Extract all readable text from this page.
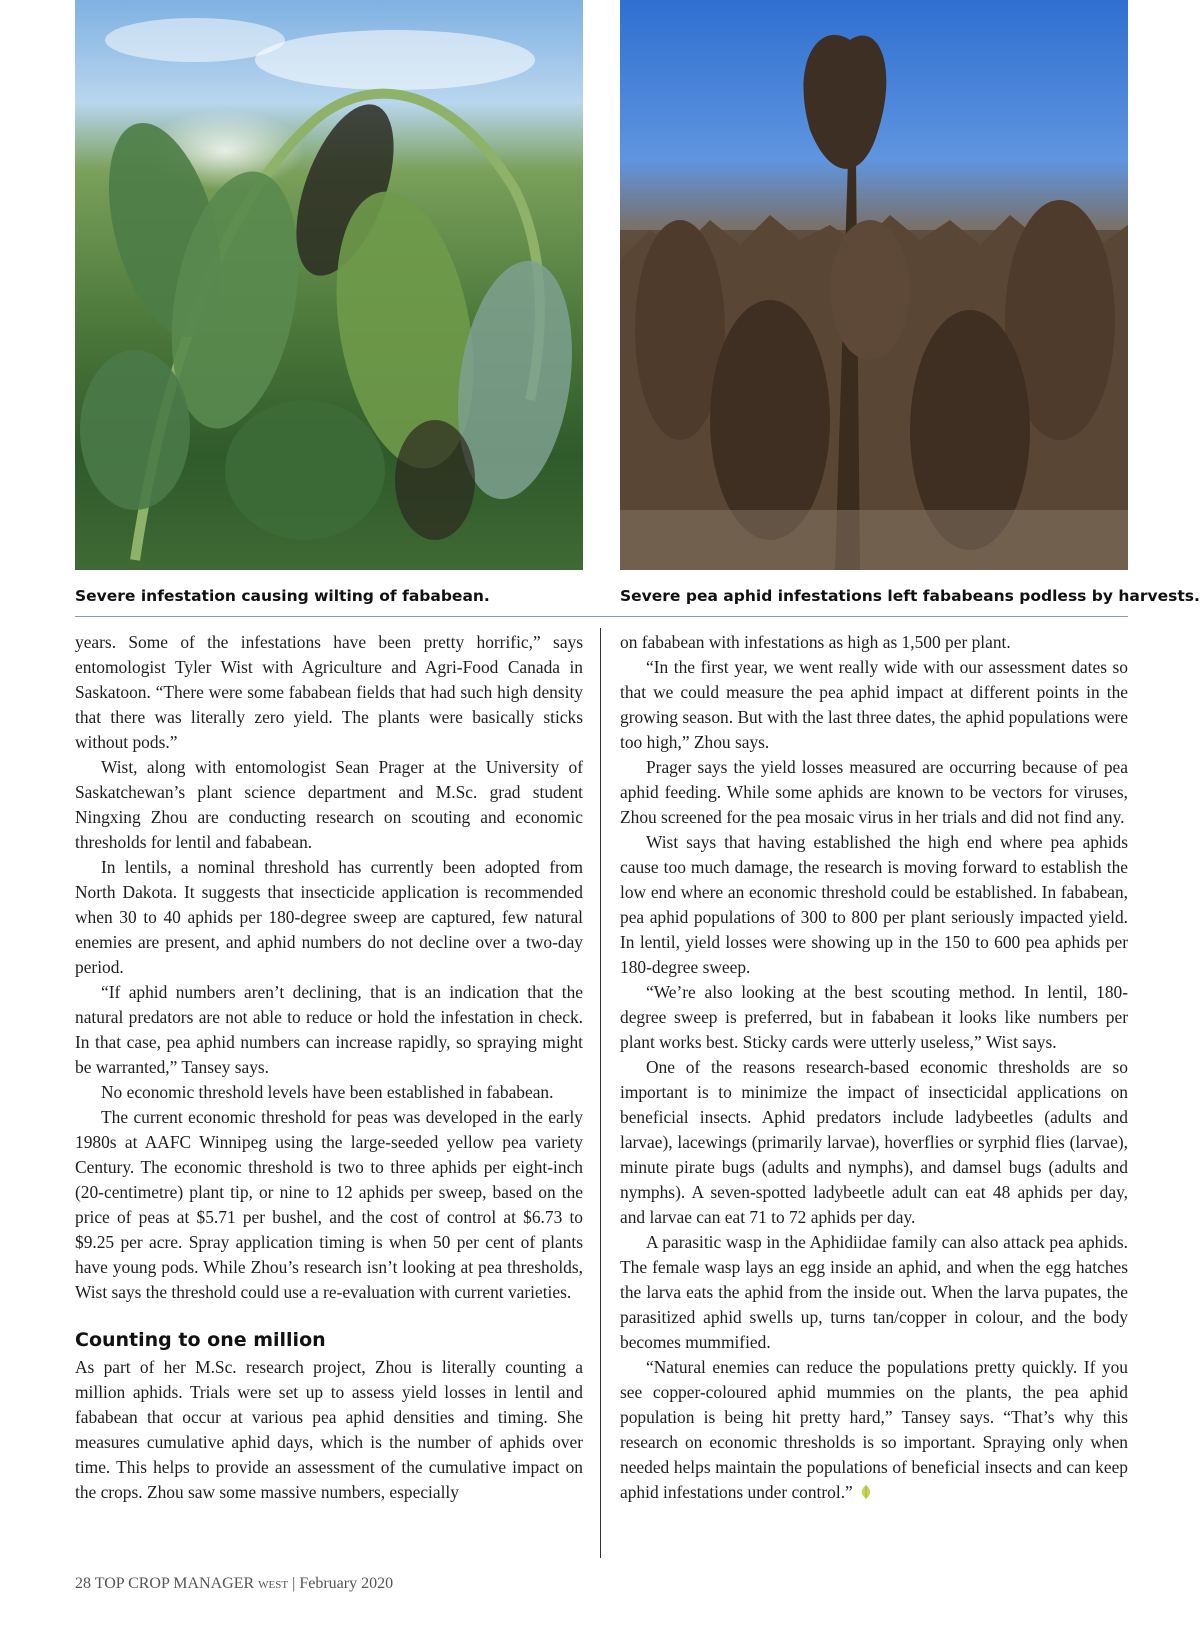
Severe infestation causing wilting of fababean.	Severe pea aphid infestations left fababeans podless by harvests.

years. Some of the infestations have been pretty horrific,” says entomologist Tyler Wist with Agriculture and Agri-Food Canada in Saskatoon. “There were some fababean fields that had such high density that there was literally zero yield. The plants were basically sticks without pods.”

Wist, along with entomologist Sean Prager at the University of Saskatchewan’s plant science department and M.Sc. grad student Ningxing Zhou are conducting research on scouting and economic thresholds for lentil and fababean.

In lentils, a nominal threshold has currently been adopted from North Dakota. It suggests that insecticide application is recommended when 30 to 40 aphids per 180-degree sweep are captured, few natural enemies are present, and aphid numbers do not decline over a two-day period.

“If aphid numbers aren’t declining, that is an indication that the natural predators are not able to reduce or hold the infestation in check. In that case, pea aphid numbers can increase rapidly, so spraying might be warranted,” Tansey says.

No economic threshold levels have been established in fababean.

The current economic threshold for peas was developed in the early 1980s at AAFC Winnipeg using the large-seeded yellow pea variety Century. The economic threshold is two to three aphids per eight-inch (20-centimetre) plant tip, or nine to 12 aphids per sweep, based on the price of peas at $5.71 per bushel, and the cost of control at $6.73 to $9.25 per acre. Spray application timing is when 50 per cent of plants have young pods. While Zhou’s research isn’t looking at pea thresholds, Wist says the threshold could use a re-evaluation with current varieties.

Counting to one million

As part of her M.Sc. research project, Zhou is literally counting a million aphids. Trials were set up to assess yield losses in lentil and fababean that occur at various pea aphid densities and timing. She measures cumulative aphid days, which is the number of aphids over time. This helps to provide an assessment of the cumulative impact on the crops. Zhou saw some massive numbers, especially

on fababean with infestations as high as 1,500 per plant.

“In the first year, we went really wide with our assessment dates so that we could measure the pea aphid impact at different points in the growing season. But with the last three dates, the aphid populations were too high,” Zhou says.

Prager says the yield losses measured are occurring because of pea aphid feeding. While some aphids are known to be vectors for viruses, Zhou screened for the pea mosaic virus in her trials and did not find any.

Wist says that having established the high end where pea aphids cause too much damage, the research is moving forward to establish the low end where an economic threshold could be established. In fababean, pea aphid populations of 300 to 800 per plant seriously impacted yield. In lentil, yield losses were showing up in the 150 to 600 pea aphids per 180-degree sweep.

“We’re also looking at the best scouting method. In lentil, 180-degree sweep is preferred, but in fababean it looks like numbers per plant works best. Sticky cards were utterly useless,” Wist says.

One of the reasons research-based economic thresholds are so important is to minimize the impact of insecticidal applications on beneficial insects. Aphid predators include ladybeetles (adults and larvae), lacewings (primarily larvae), hoverflies or syrphid flies (larvae), minute pirate bugs (adults and nymphs), and damsel bugs (adults and nymphs). A seven-spotted ladybeetle adult can eat 48 aphids per day, and larvae can eat 71 to 72 aphids per day.

A parasitic wasp in the Aphidiidae family can also attack pea aphids. The female wasp lays an egg inside an aphid, and when the egg hatches the larva eats the aphid from the inside out. When the larva pupates, the parasitized aphid swells up, turns tan/copper in colour, and the body becomes mummified.

“Natural enemies can reduce the populations pretty quickly. If you see copper-coloured aphid mummies on the plants, the pea aphid population is being hit pretty hard,” Tansey says. “That’s why this research on economic thresholds is so important. Spraying only when needed helps maintain the populations of beneficial insects and can keep aphid infestations under control.”

28 TOP CROP MANAGER WEST | February 2020
